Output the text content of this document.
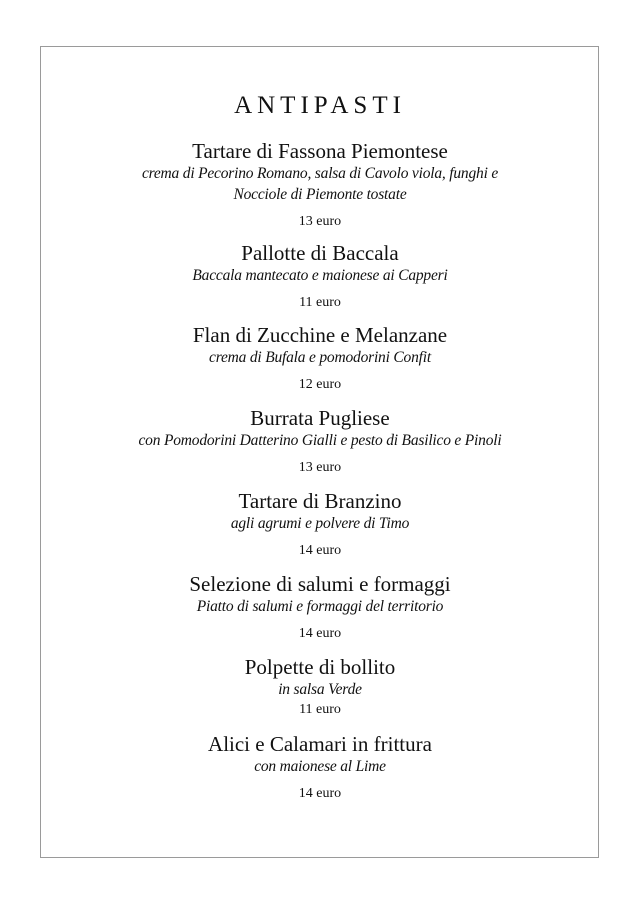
ANTIPASTI
Tartare di Fassona Piemontese
crema di Pecorino Romano, salsa di Cavolo viola, funghi e
Nocciole di Piemonte tostate
13 euro
Pallotte di Baccala
Baccala mantecato e maionese ai Capperi
11 euro
Flan di Zucchine e Melanzane
crema di Bufala e pomodorini Confit
12 euro
Burrata Pugliese
con Pomodorini Datterino Gialli e pesto di Basilico e Pinoli
13 euro
Tartare di Branzino
agli agrumi e polvere di Timo
14 euro
Selezione di salumi e formaggi
Piatto di salumi e formaggi del territorio
14 euro
Polpette di bollito
in salsa Verde
11 euro
Alici e Calamari in frittura
con maionese al Lime
14 euro
